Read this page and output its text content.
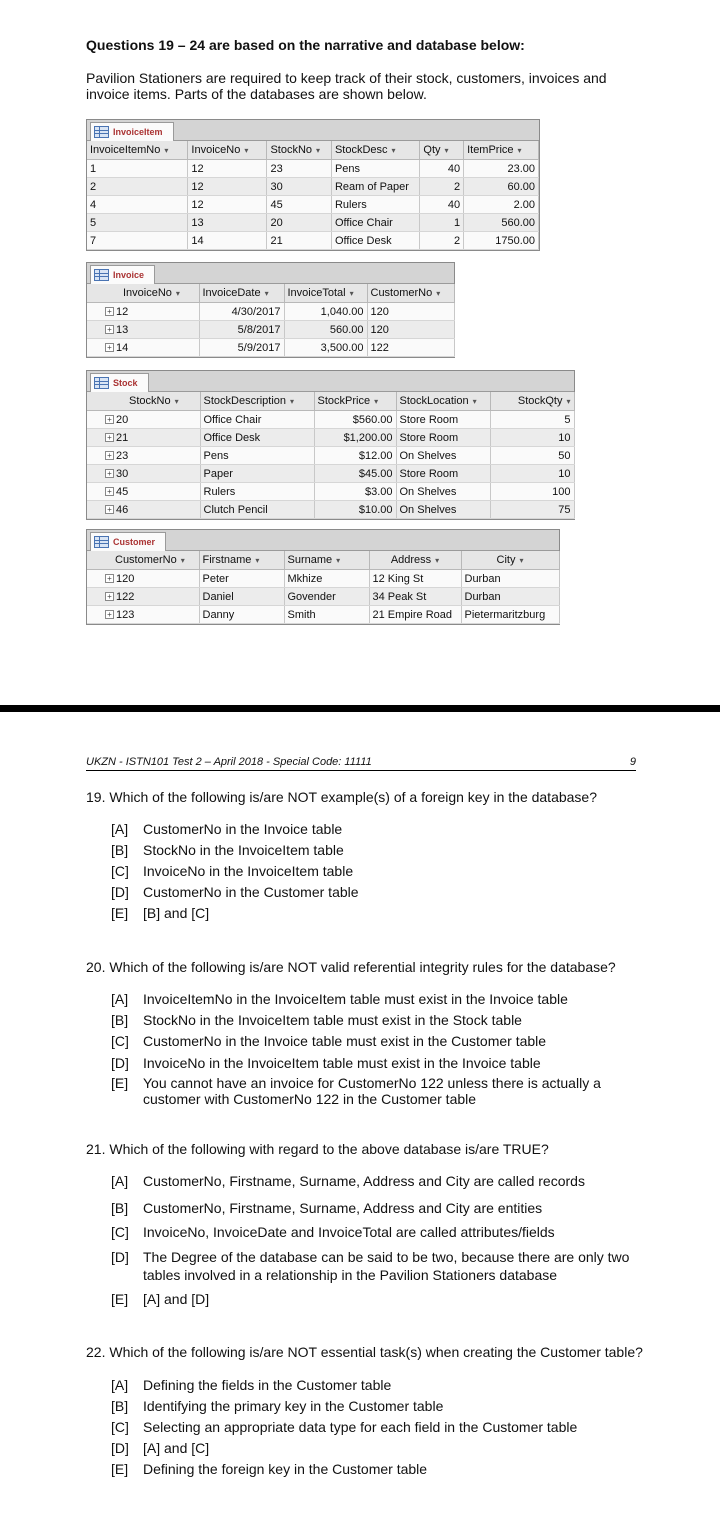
Questions 19 – 24 are based on the narrative and database below:
Pavilion Stationers are required to keep track of their stock, customers, invoices and invoice items. Parts of the databases are shown below.
InvoiceItem
InvoiceItemNo ▾	InvoiceNo ▾	StockNo ▾	StockDesc ▾	Qty ▾	ItemPrice ▾
1	12	23	Pens	40	23.00
2	12	30	Ream of Paper	2	60.00
4	12	45	Rulers	40	2.00
5	13	20	Office Chair	1	560.00
7	14	21	Office Desk	2	1750.00
Invoice
InvoiceNo ▾	InvoiceDate ▾	InvoiceTotal ▾	CustomerNo ▾
+ 12	4/30/2017	1,040.00	120
+ 13	5/8/2017	560.00	120
+ 14	5/9/2017	3,500.00	122
Stock
StockNo ▾	StockDescription ▾	StockPrice ▾	StockLocation ▾	StockQty ▾
+ 20	Office Chair	$560.00	Store Room	5
+ 21	Office Desk	$1,200.00	Store Room	10
+ 23	Pens	$12.00	On Shelves	50
+ 30	Paper	$45.00	Store Room	10
+ 45	Rulers	$3.00	On Shelves	100
+ 46	Clutch Pencil	$10.00	On Shelves	75
Customer
CustomerNo ▾	Firstname ▾	Surname ▾	Address ▾	City ▾
+ 120	Peter	Mkhize	12 King St	Durban
+ 122	Daniel	Govender	34 Peak St	Durban
+ 123	Danny	Smith	21 Empire Road	Pietermaritzburg
UKZN - ISTN101 Test 2 – April 2018 - Special Code: 11111	9
19. Which of the following is/are NOT example(s) of a foreign key in the database?
[A]	CustomerNo in the Invoice table
[B]	StockNo in the InvoiceItem table
[C]	InvoiceNo in the InvoiceItem table
[D]	CustomerNo in the Customer table
[E]	[B] and [C]
20. Which of the following is/are NOT valid referential integrity rules for the database?
[A]	InvoiceItemNo in the InvoiceItem table must exist in the Invoice table
[B]	StockNo in the InvoiceItem table must exist in the Stock table
[C]	CustomerNo in the Invoice table must exist in the Customer table
[D]	InvoiceNo in the InvoiceItem table must exist in the Invoice table
[E]	You cannot have an invoice for CustomerNo 122 unless there is actually a customer with CustomerNo 122 in the Customer table
21. Which of the following with regard to the above database is/are TRUE?
[A]	CustomerNo, Firstname, Surname, Address and City are called records
[B]	CustomerNo, Firstname, Surname, Address and City are entities
[C]	InvoiceNo, InvoiceDate and InvoiceTotal are called attributes/fields
[D]	The Degree of the database can be said to be two, because there are only two tables involved in a relationship in the Pavilion Stationers database
[E]	[A] and [D]
22. Which of the following is/are NOT essential task(s) when creating the Customer table?
[A]	Defining the fields in the Customer table
[B]	Identifying the primary key in the Customer table
[C]	Selecting an appropriate data type for each field in the Customer table
[D]	[A] and [C]
[E]	Defining the foreign key in the Customer table
